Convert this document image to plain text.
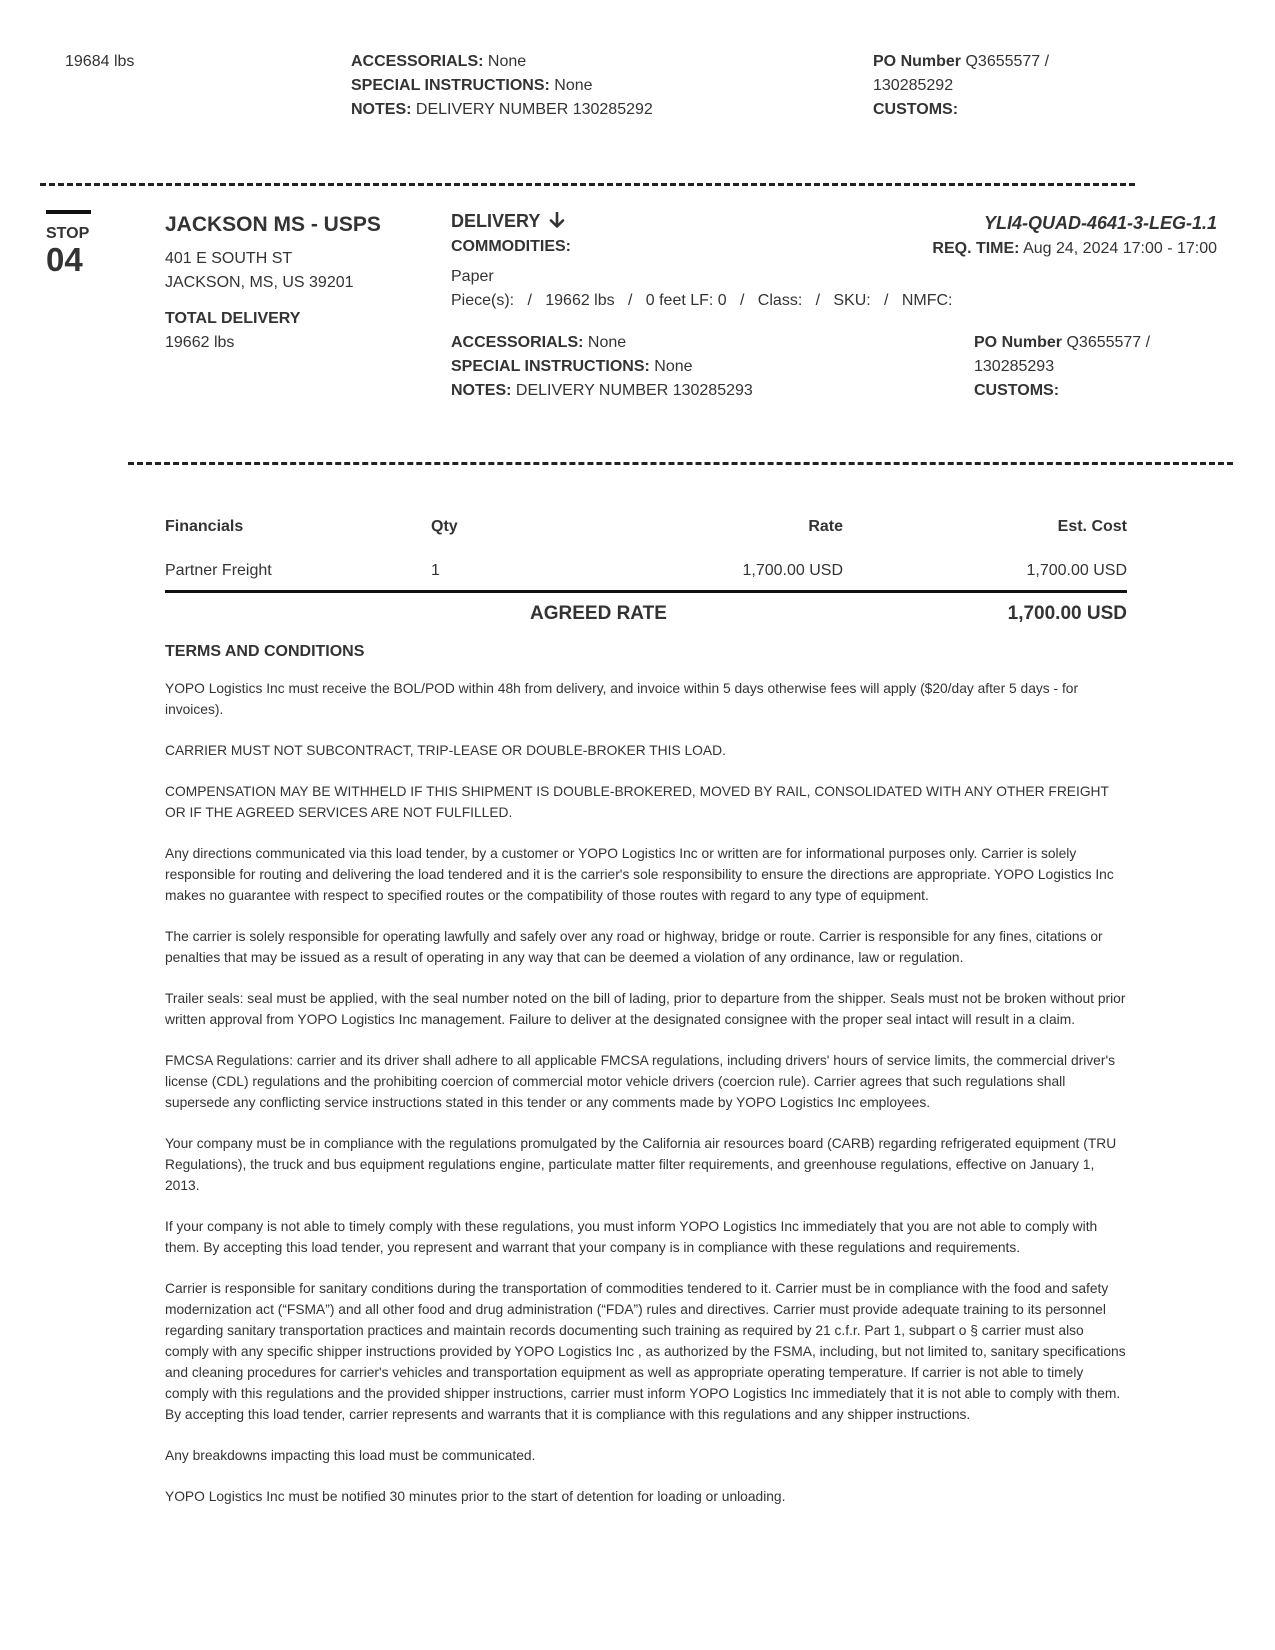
19684 lbs	ACCESSORIALS: None
SPECIAL INSTRUCTIONS: None
NOTES: DELIVERY NUMBER 130285292
PO Number Q3655577 /
130285292
CUSTOMS:
STOP
04
JACKSON MS - USPS
401 E SOUTH ST
JACKSON, MS, US 39201
TOTAL DELIVERY
19662 lbs
DELIVERY
COMMODITIES:
Paper
Piece(s):   /   19662 lbs   /   0 feet LF: 0   /   Class:   /   SKU:   /   NMFC:
ACCESSORIALS: None
SPECIAL INSTRUCTIONS: None
NOTES: DELIVERY NUMBER 130285293
YLI4-QUAD-4641-3-LEG-1.1
REQ. TIME: Aug 24, 2024 17:00 - 17:00
PO Number Q3655577 /
130285293
CUSTOMS:
Financials	Qty	Rate	Est. Cost
Partner Freight	1	1,700.00 USD	1,700.00 USD
AGREED RATE	1,700.00 USD
TERMS AND CONDITIONS

YOPO Logistics Inc must receive the BOL/POD within 48h from delivery, and invoice within 5 days otherwise fees will apply ($20/day after 5 days - for invoices).

CARRIER MUST NOT SUBCONTRACT, TRIP-LEASE OR DOUBLE-BROKER THIS LOAD.

COMPENSATION MAY BE WITHHELD IF THIS SHIPMENT IS DOUBLE-BROKERED, MOVED BY RAIL, CONSOLIDATED WITH ANY OTHER FREIGHT OR IF THE AGREED SERVICES ARE NOT FULFILLED.

Any directions communicated via this load tender, by a customer or YOPO Logistics Inc or written are for informational purposes only. Carrier is solely responsible for routing and delivering the load tendered and it is the carrier's sole responsibility to ensure the directions are appropriate. YOPO Logistics Inc makes no guarantee with respect to specified routes or the compatibility of those routes with regard to any type of equipment.

The carrier is solely responsible for operating lawfully and safely over any road or highway, bridge or route. Carrier is responsible for any fines, citations or penalties that may be issued as a result of operating in any way that can be deemed a violation of any ordinance, law or regulation.

Trailer seals: seal must be applied, with the seal number noted on the bill of lading, prior to departure from the shipper. Seals must not be broken without prior written approval from YOPO Logistics Inc management. Failure to deliver at the designated consignee with the proper seal intact will result in a claim.

FMCSA Regulations: carrier and its driver shall adhere to all applicable FMCSA regulations, including drivers' hours of service limits, the commercial driver's license (CDL) regulations and the prohibiting coercion of commercial motor vehicle drivers (coercion rule). Carrier agrees that such regulations shall supersede any conflicting service instructions stated in this tender or any comments made by YOPO Logistics Inc employees.

Your company must be in compliance with the regulations promulgated by the California air resources board (CARB) regarding refrigerated equipment (TRU Regulations), the truck and bus equipment regulations engine, particulate matter filter requirements, and greenhouse regulations, effective on January 1, 2013.

If your company is not able to timely comply with these regulations, you must inform YOPO Logistics Inc immediately that you are not able to comply with them. By accepting this load tender, you represent and warrant that your company is in compliance with these regulations and requirements.

Carrier is responsible for sanitary conditions during the transportation of commodities tendered to it. Carrier must be in compliance with the food and safety modernization act (“FSMA”) and all other food and drug administration (“FDA”) rules and directives. Carrier must provide adequate training to its personnel regarding sanitary transportation practices and maintain records documenting such training as required by 21 c.f.r. Part 1, subpart o § carrier must also comply with any specific shipper instructions provided by YOPO Logistics Inc , as authorized by the FSMA, including, but not limited to, sanitary specifications and cleaning procedures for carrier's vehicles and transportation equipment as well as appropriate operating temperature. If carrier is not able to timely comply with this regulations and the provided shipper instructions, carrier must inform YOPO Logistics Inc immediately that it is not able to comply with them. By accepting this load tender, carrier represents and warrants that it is compliance with this regulations and any shipper instructions.

Any breakdowns impacting this load must be communicated.

YOPO Logistics Inc must be notified 30 minutes prior to the start of detention for loading or unloading.
